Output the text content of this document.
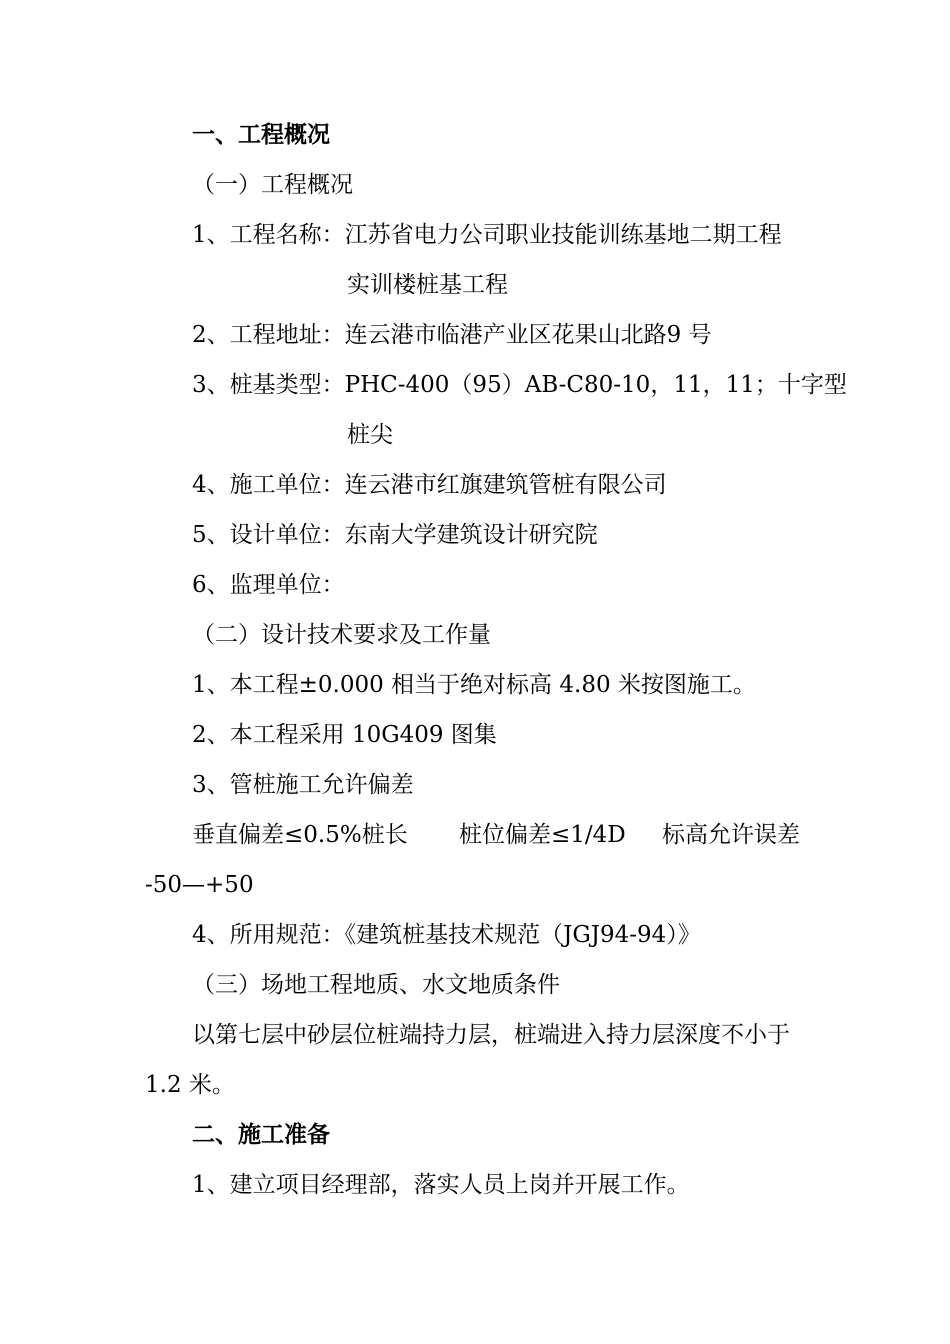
一、工程概况
（一）工程概况
1、工程名称：江苏省电力公司职业技能训练基地二期工程
实训楼桩基工程
2、工程地址：连云港市临港产业区花果山北路9 号
3、桩基类型：PHC-400（95）AB-C80-10，11，11；十字型
桩尖
4、施工单位：连云港市红旗建筑管桩有限公司
5、设计单位：东南大学建筑设计研究院
6、监理单位：
（二）设计技术要求及工作量
1、本工程±0.000 相当于绝对标高 4.80 米按图施工。
2、本工程采用 10G409 图集
3、管桩施工允许偏差
垂直偏差≤0.5%桩长 桩位偏差≤1/4D 标高允许误差
-50—+50
4、所用规范：《建筑桩基技术规范（JGJ94-94）》
（三）场地工程地质、水文地质条件
以第七层中砂层位桩端持力层，桩端进入持力层深度不小于
1.2 米。
二、施工准备
1、建立项目经理部，落实人员上岗并开展工作。
